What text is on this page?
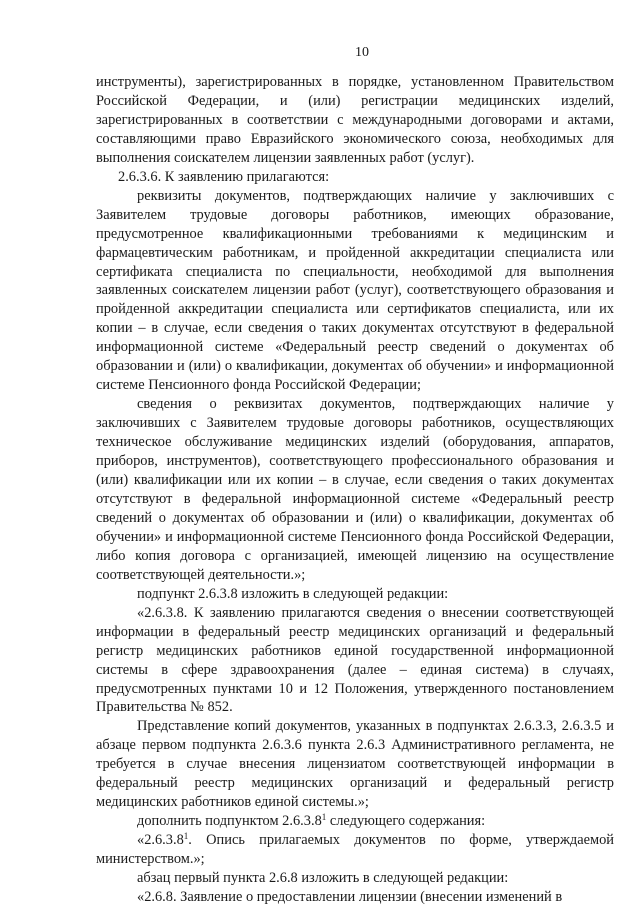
10

инструменты), зарегистрированных в порядке, установленном Правительством Российской Федерации, и (или) регистрации медицинских изделий, зарегистрированных в соответствии с международными договорами и актами, составляющими право Евразийского экономического союза, необходимых для выполнения соискателем лицензии заявленных работ (услуг).

2.6.3.6. К заявлению прилагаются:

реквизиты документов, подтверждающих наличие у заключивших с Заявителем трудовые договоры работников, имеющих образование, предусмотренное квалификационными требованиями к медицинским и фармацевтическим работникам, и пройденной аккредитации специалиста или сертификата специалиста по специальности, необходимой для выполнения заявленных соискателем лицензии работ (услуг), соответствующего образования и пройденной аккредитации специалиста или сертификатов специалиста, или их копии – в случае, если сведения о таких документах отсутствуют в федеральной информационной системе «Федеральный реестр сведений о документах об образовании и (или) о квалификации, документах об обучении» и информационной системе Пенсионного фонда Российской Федерации;

сведения о реквизитах документов, подтверждающих наличие у заключивших с Заявителем трудовые договоры работников, осуществляющих техническое обслуживание медицинских изделий (оборудования, аппаратов, приборов, инструментов), соответствующего профессионального образования и (или) квалификации или их копии – в случае, если сведения о таких документах отсутствуют в федеральной информационной системе «Федеральный реестр сведений о документах об образовании и (или) о квалификации, документах об обучении» и информационной системе Пенсионного фонда Российской Федерации, либо копия договора с организацией, имеющей лицензию на осуществление соответствующей деятельности.»;

подпункт 2.6.3.8 изложить в следующей редакции:

«2.6.3.8. К заявлению прилагаются сведения о внесении соответствующей информации в федеральный реестр медицинских организаций и федеральный регистр медицинских работников единой государственной информационной системы в сфере здравоохранения (далее – единая система) в случаях, предусмотренных пунктами 10 и 12 Положения, утвержденного постановлением Правительства № 852.

Представление копий документов, указанных в подпунктах 2.6.3.3, 2.6.3.5 и абзаце первом подпункта 2.6.3.6 пункта 2.6.3 Административного регламента, не требуется в случае внесения лицензиатом соответствующей информации в федеральный реестр медицинских организаций и федеральный регистр медицинских работников единой системы.»;

дополнить подпунктом 2.6.3.8$^1$ следующего содержания:

«2.6.3.8$^1$. Опись прилагаемых документов по форме, утверждаемой министерством.»;

абзац первый пункта 2.6.8 изложить в следующей редакции:

«2.6.8. Заявление о предоставлении лицензии (внесении изменений в
